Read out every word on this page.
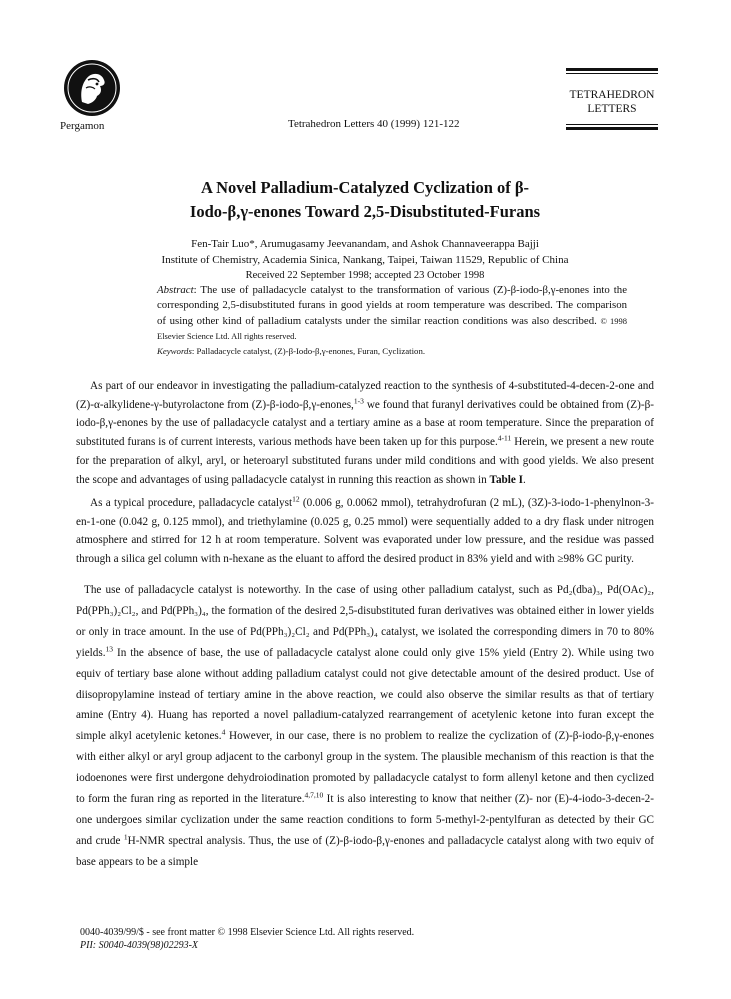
Pergamon	Tetrahedron Letters 40 (1999) 121-122
TETRAHEDRON
LETTERS
A Novel Palladium-Catalyzed Cyclization of β-
Iodo-β,γ-enones Toward 2,5-Disubstituted-Furans
Fen-Tair Luo*, Arumugasamy Jeevanandam, and Ashok Channaveerappa Bajji
Institute of Chemistry, Academia Sinica, Nankang, Taipei, Taiwan 11529, Republic of China
Received 22 September 1998; accepted 23 October 1998
Abstract: The use of palladacycle catalyst to the transformation of various (Z)-β-iodo-β,γ-enones into the corresponding 2,5-disubstituted furans in good yields at room temperature was described. The comparison of using other kind of palladium catalysts under the similar reaction conditions was also described. © 1998 Elsevier Science Ltd. All rights reserved.
Keywords: Palladacycle catalyst, (Z)-β-Iodo-β,γ-enones, Furan, Cyclization.
As part of our endeavor in investigating the palladium-catalyzed reaction to the synthesis of 4-substituted-4-decen-2-one and (Z)-α-alkylidene-γ-butyrolactone from (Z)-β-iodo-β,γ-enones,$^{1-3}$ we found that furanyl derivatives could be obtained from (Z)-β-iodo-β,γ-enones by the use of palladacycle catalyst and a tertiary amine as a base at room temperature. Since the preparation of substituted furans is of current interests, various methods have been taken up for this purpose.$^{4-11}$ Herein, we present a new route for the preparation of alkyl, aryl, or heteroaryl substituted furans under mild conditions and with good yields. We also present the scope and advantages of using palladacycle catalyst in running this reaction as shown in Table I.
As a typical procedure, palladacycle catalyst$^{12}$ (0.006 g, 0.0062 mmol), tetrahydrofuran (2 mL), (3Z)-3-iodo-1-phenylnon-3-en-1-one (0.042 g, 0.125 mmol), and triethylamine (0.025 g, 0.25 mmol) were sequentially added to a dry flask under nitrogen atmosphere and stirred for 12 h at room temperature. Solvent was evaporated under low pressure, and the residue was passed through a silica gel column with n-hexane as the eluant to afford the desired product in 83% yield and with ≥98% GC purity.
The use of palladacycle catalyst is noteworthy. In the case of using other palladium catalyst, such as Pd₂(dba)₃, Pd(OAc)₂, Pd(PPh₃)₂Cl₂, and Pd(PPh₃)₄, the formation of the desired 2,5-disubstituted furan derivatives was obtained either in lower yields or only in trace amount. In the use of Pd(PPh₃)₂Cl₂ and Pd(PPh₃)₄ catalyst, we isolated the corresponding dimers in 70 to 80% yields.$^{13}$ In the absence of base, the use of palladacycle catalyst alone could only give 15% yield (Entry 2). While using two equiv of tertiary base alone without adding palladium catalyst could not give detectable amount of the desired product. Use of diisopropylamine instead of tertiary amine in the above reaction, we could also observe the similar results as that of tertiary amine (Entry 4). Huang has reported a novel palladium-catalyzed rearrangement of acetylenic ketone into furan except the simple alkyl acetylenic ketones.$^4$ However, in our case, there is no problem to realize the cyclization of (Z)-β-iodo-β,γ-enones with either alkyl or aryl group adjacent to the carbonyl group in the system. The plausible mechanism of this reaction is that the iodoenones were first undergone dehydroiodination promoted by palladacycle catalyst to form allenyl ketone and then cyclized to form the furan ring as reported in the literature.$^{4,7,10}$ It is also interesting to know that neither (Z)- nor (E)-4-iodo-3-decen-2-one undergoes similar cyclization under the same reaction conditions to form 5-methyl-2-pentylfuran as detected by their GC and crude $^1$H-NMR spectral analysis. Thus, the use of (Z)-β-iodo-β,γ-enones and palladacycle catalyst along with two equiv of base appears to be a simple
0040-4039/99/$ - see front matter © 1998 Elsevier Science Ltd. All rights reserved.
PII: S0040-4039(98)02293-X
